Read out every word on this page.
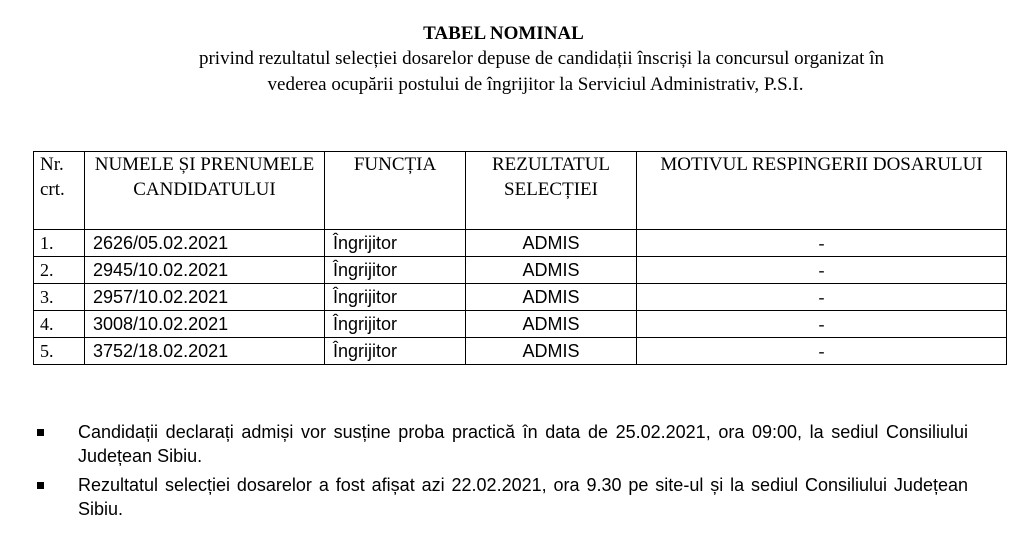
TABEL NOMINAL
privind rezultatul selecției dosarelor depuse de candidații înscriși la concursul organizat în
vederea ocupării postului de îngrijitor la Serviciul Administrativ, P.S.I.
Nr. crt.	NUMELE ȘI PRENUMELE CANDIDATULUI	FUNCȚIA	REZULTATUL SELECȚIEI	MOTIVUL RESPINGERII DOSARULUI
1.	2626/05.02.2021	Îngrijitor	ADMIS	-
2.	2945/10.02.2021	Îngrijitor	ADMIS	-
3.	2957/10.02.2021	Îngrijitor	ADMIS	-
4.	3008/10.02.2021	Îngrijitor	ADMIS	-
5.	3752/18.02.2021	Îngrijitor	ADMIS	-
Candidații declarați admiși vor susține proba practică în data de 25.02.2021, ora 09:00, la sediul Consiliului Județean Sibiu.
Rezultatul selecției dosarelor a fost afișat azi 22.02.2021, ora 9.30 pe site-ul și la sediul Consiliului Județean Sibiu.
